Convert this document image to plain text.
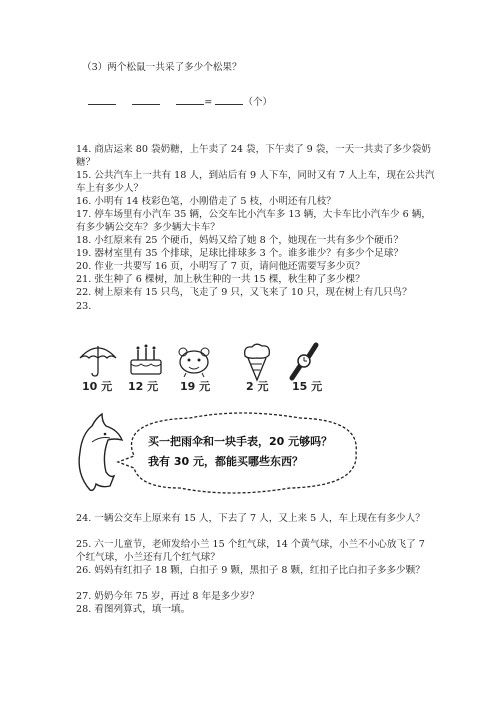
（3）两个松鼠一共采了多少个松果？
=	（个）
14. 商店运来 80 袋奶糖，上午卖了 24 袋，下午卖了 9 袋，一天一共卖了多少袋奶糖？
15. 公共汽车上一共有 18 人，到站后有 9 人下车，同时又有 7 人上车，现在公共汽车上有多少人？
16. 小明有 14 枝彩色笔，小刚借走了 5 枝，小明还有几枝？
17. 停车场里有小汽车 35 辆，公交车比小汽车多 13 辆，大卡车比小汽车少 6 辆，有多少辆公交车？多少辆大卡车？
18. 小红原来有 25 个硬币，妈妈又给了她 8 个，她现在一共有多少个硬币？
19. 器材室里有 35 个排球，足球比排球多 3 个。谁多谁少？有多少个足球？
20. 作业一共要写 16 页，小明写了 7 页，请问他还需要写多少页？
21. 张生种了 6 棵树，加上秋生种的一共 15 棵，秋生种了多少棵？
22. 树上原来有 15 只鸟，飞走了 9 只，又飞来了 10 只，现在树上有几只鸟？
23.
10 元 12 元 19 元	2 元 15 元
买一把雨伞和一块手表，20 元够吗？
我有 30 元，都能买哪些东西？
24. 一辆公交车上原来有 15 人，下去了 7 人，又上来 5 人，车上现在有多少人？
25. 六一儿童节，老师发给小兰 15 个红气球，14 个黄气球，小兰不小心放飞了 7 个红气球，小兰还有几个红气球？
26. 妈妈有红扣子 18 颗，白扣子 9 颗，黑扣子 8 颗，红扣子比白扣子多多少颗？
27. 奶奶今年 75 岁，再过 8 年是多少岁？
28. 看图列算式，填一填。
